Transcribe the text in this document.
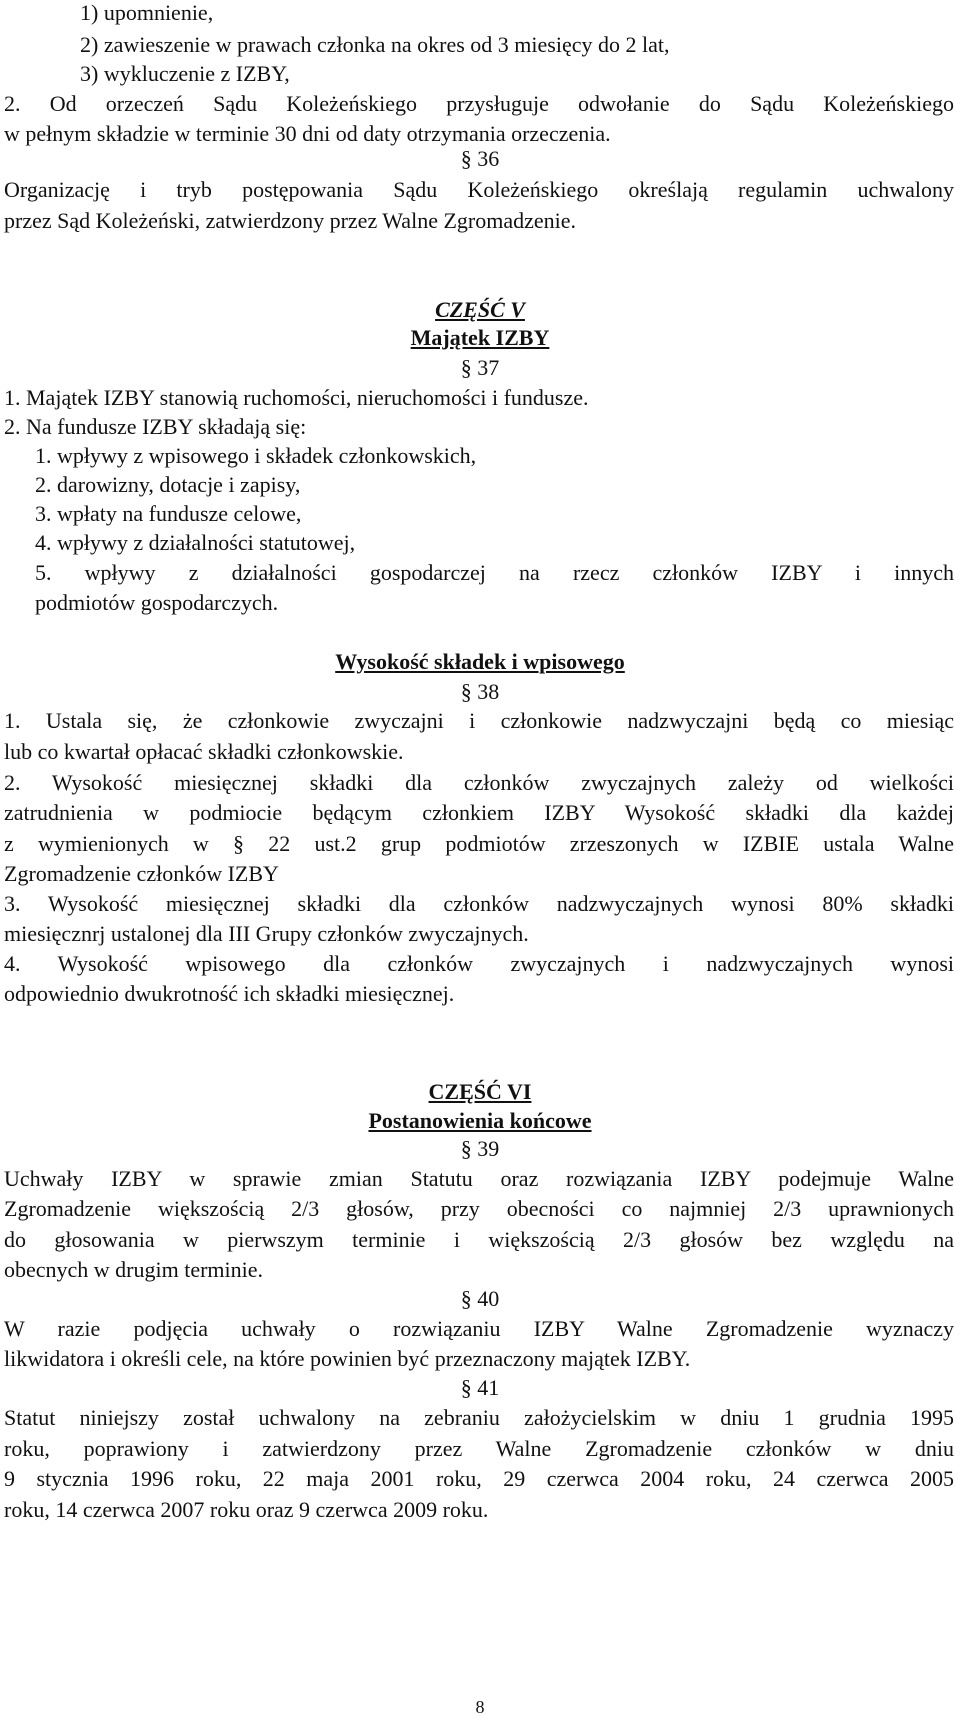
1) upomnienie,
2) zawieszenie w prawach członka na okres od 3 miesięcy do 2 lat,
3) wykluczenie z IZBY,
2. Od orzeczeń Sądu Koleżeńskiego przysługuje odwołanie do Sądu Koleżeńskiego
w pełnym składzie w terminie 30 dni od daty otrzymania orzeczenia.
§ 36
Organizację i tryb postępowania Sądu Koleżeńskiego określają regulamin uchwalony
przez Sąd Koleżeński, zatwierdzony przez Walne Zgromadzenie.
CZĘŚĆ V
Majątek IZBY
§ 37
1. Majątek IZBY stanowią ruchomości, nieruchomości i fundusze.
2. Na fundusze IZBY składają się:
1. wpływy z wpisowego i składek członkowskich,
2. darowizny, dotacje i zapisy,
3. wpłaty na fundusze celowe,
4. wpływy z działalności statutowej,
5. wpływy z działalności gospodarczej na rzecz członków IZBY i innych
podmiotów gospodarczych.
Wysokość składek i wpisowego
§ 38
1. Ustala się, że członkowie zwyczajni i członkowie nadzwyczajni będą co miesiąc
lub co kwartał opłacać składki członkowskie.
2. Wysokość miesięcznej składki dla członków zwyczajnych zależy od wielkości
zatrudnienia w podmiocie będącym członkiem IZBY Wysokość składki dla każdej
z wymienionych w § 22 ust.2 grup podmiotów zrzeszonych w IZBIE ustala Walne
Zgromadzenie członków IZBY
3. Wysokość miesięcznej składki dla członków nadzwyczajnych wynosi 80% składki
miesięcznrj ustalonej dla III Grupy członków zwyczajnych.
4. Wysokość wpisowego dla członków zwyczajnych i nadzwyczajnych wynosi
odpowiednio dwukrotność ich składki miesięcznej.
CZĘŚĆ VI
Postanowienia końcowe
§ 39
Uchwały IZBY w sprawie zmian Statutu oraz rozwiązania IZBY podejmuje Walne
Zgromadzenie większością 2/3 głosów, przy obecności co najmniej 2/3 uprawnionych
do głosowania w pierwszym terminie i większością 2/3 głosów bez względu na
obecnych w drugim terminie.
§ 40
W razie podjęcia uchwały o rozwiązaniu IZBY Walne Zgromadzenie wyznaczy
likwidatora i określi cele, na które powinien być przeznaczony majątek IZBY.
§ 41
Statut niniejszy został uchwalony na zebraniu założycielskim w dniu 1 grudnia 1995
roku, poprawiony i zatwierdzony przez Walne Zgromadzenie członków w dniu
9 stycznia 1996 roku, 22 maja 2001 roku, 29 czerwca 2004 roku, 24 czerwca 2005
roku, 14 czerwca 2007 roku oraz 9 czerwca 2009 roku.
8
